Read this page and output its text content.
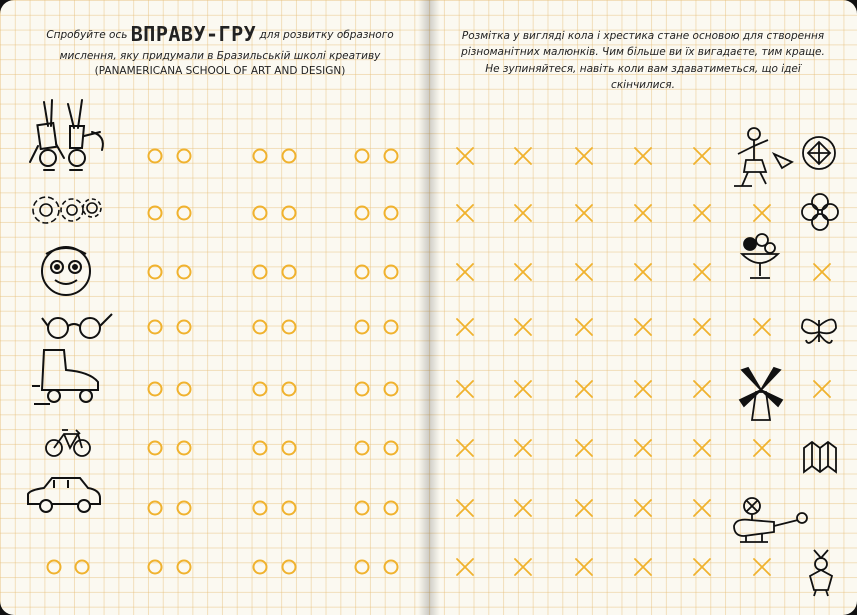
Спробуйте ось ВПРАВУ-ГРУ для розвитку образного мислення, яку придумали в Бразильській школі креативу
(PANAMERICANA SCHOOL OF ART AND DESIGN)
Розмітка у вигляді кола і хрестика стане основою для створення різноманітних малюнків. Чим більше ви їх вигадаєте, тим краще. Не зупиняйтеся, навіть коли вам здаватиметься, що ідеї скінчилися.
